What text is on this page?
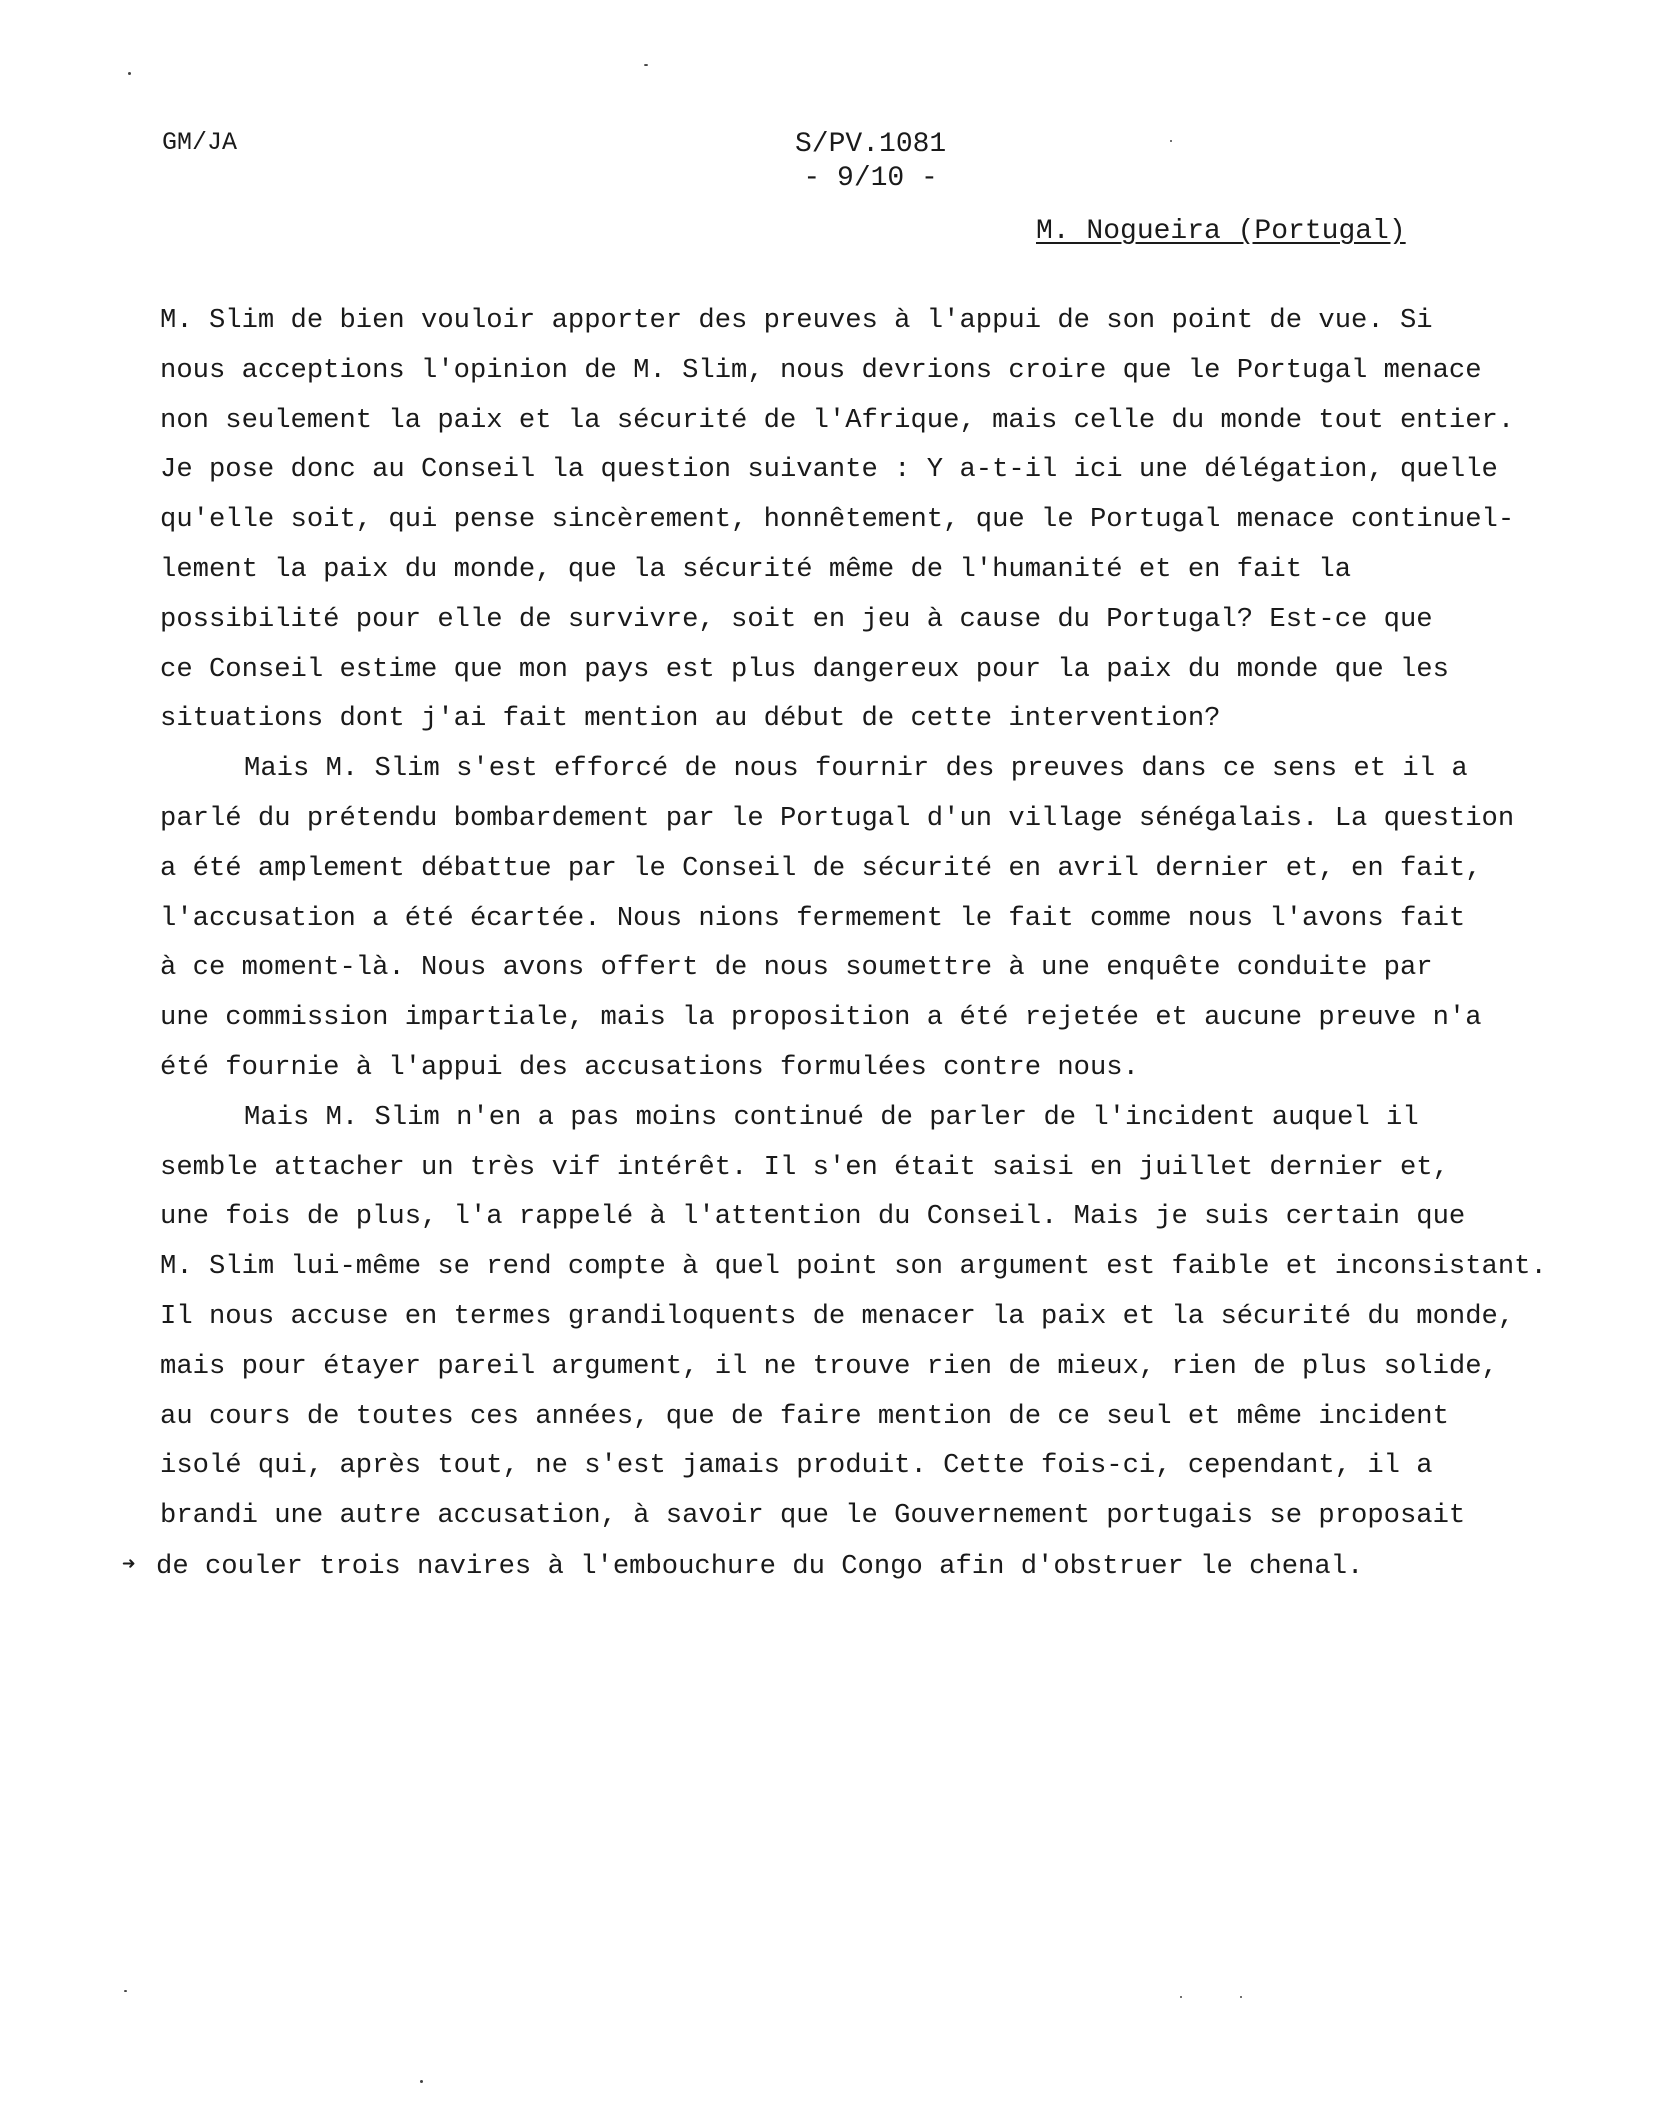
GM/JA	S/PV.1081
- 9/10 -
M. Nogueira (Portugal)
M. Slim de bien vouloir apporter des preuves à l'appui de son point de vue. Si
nous acceptions l'opinion de M. Slim, nous devrions croire que le Portugal menace
non seulement la paix et la sécurité de l'Afrique, mais celle du monde tout entier.
Je pose donc au Conseil la question suivante : Y a-t-il ici une délégation, quelle
qu'elle soit, qui pense sincèrement, honnêtement, que le Portugal menace continuel-
lement la paix du monde, que la sécurité même de l'humanité et en fait la
possibilité pour elle de survivre, soit en jeu à cause du Portugal? Est-ce que
ce Conseil estime que mon pays est plus dangereux pour la paix du monde que les
situations dont j'ai fait mention au début de cette intervention?
Mais M. Slim s'est efforcé de nous fournir des preuves dans ce sens et il a
parlé du prétendu bombardement par le Portugal d'un village sénégalais. La question
a été amplement débattue par le Conseil de sécurité en avril dernier et, en fait,
l'accusation a été écartée. Nous nions fermement le fait comme nous l'avons fait
à ce moment-là. Nous avons offert de nous soumettre à une enquête conduite par
une commission impartiale, mais la proposition a été rejetée et aucune preuve n'a
été fournie à l'appui des accusations formulées contre nous.
Mais M. Slim n'en a pas moins continué de parler de l'incident auquel il
semble attacher un très vif intérêt. Il s'en était saisi en juillet dernier et,
une fois de plus, l'a rappelé à l'attention du Conseil. Mais je suis certain que
M. Slim lui-même se rend compte à quel point son argument est faible et inconsistant.
Il nous accuse en termes grandiloquents de menacer la paix et la sécurité du monde,
mais pour étayer pareil argument, il ne trouve rien de mieux, rien de plus solide,
au cours de toutes ces années, que de faire mention de ce seul et même incident
isolé qui, après tout, ne s'est jamais produit. Cette fois-ci, cependant, il a
brandi une autre accusation, à savoir que le Gouvernement portugais se proposait
➜ de couler trois navires à l'embouchure du Congo afin d'obstruer le chenal.
